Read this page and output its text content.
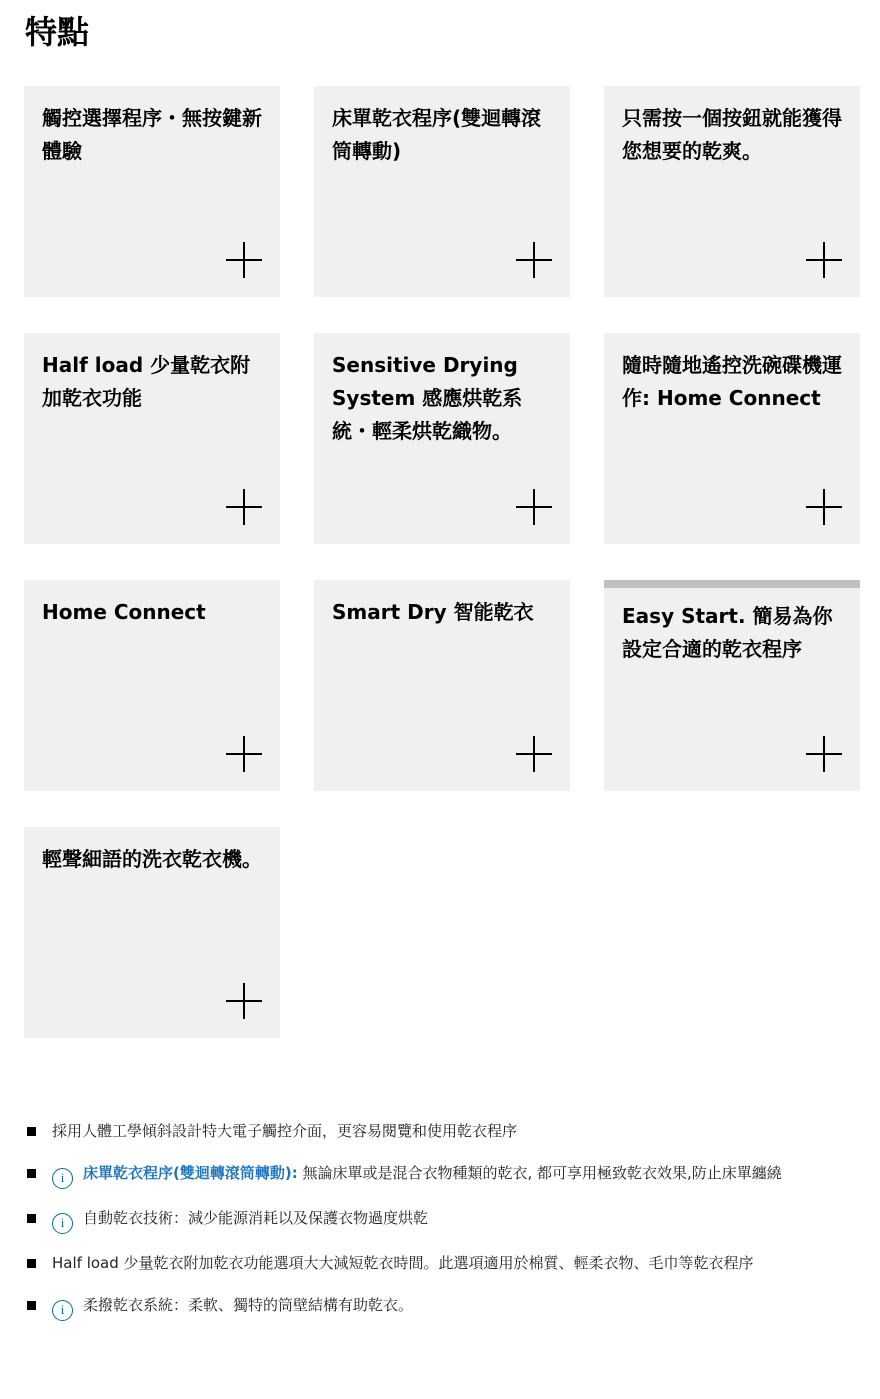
特點
觸控選擇程序・無按鍵新體驗
床單乾衣程序(雙迴轉滾筒轉動)
只需按一個按鈕就能獲得您想要的乾爽。
Half load 少量乾衣附加乾衣功能
Sensitive Drying System 感應烘乾系統・輕柔烘乾織物。
隨時隨地遙控洗碗碟機運作: Home Connect
Home Connect	Smart Dry 智能乾衣	Easy Start. 簡易為你設定合適的乾衣程序
輕聲細語的洗衣乾衣機。
採用人體工學傾斜設計特大電子觸控介面，更容易閱覽和使用乾衣程序
i 床單乾衣程序(雙迴轉滾筒轉動): 無論床單或是混合衣物種類的乾衣, 都可享用極致乾衣效果,防止床單纏繞
i 自動乾衣技術：減少能源消耗以及保護衣物過度烘乾
Half load 少量乾衣附加乾衣功能選項大大減短乾衣時間。此選項適用於棉質、輕柔衣物、毛巾等乾衣程序
i 柔撥乾衣系統：柔軟、獨特的筒壁結構有助乾衣。
